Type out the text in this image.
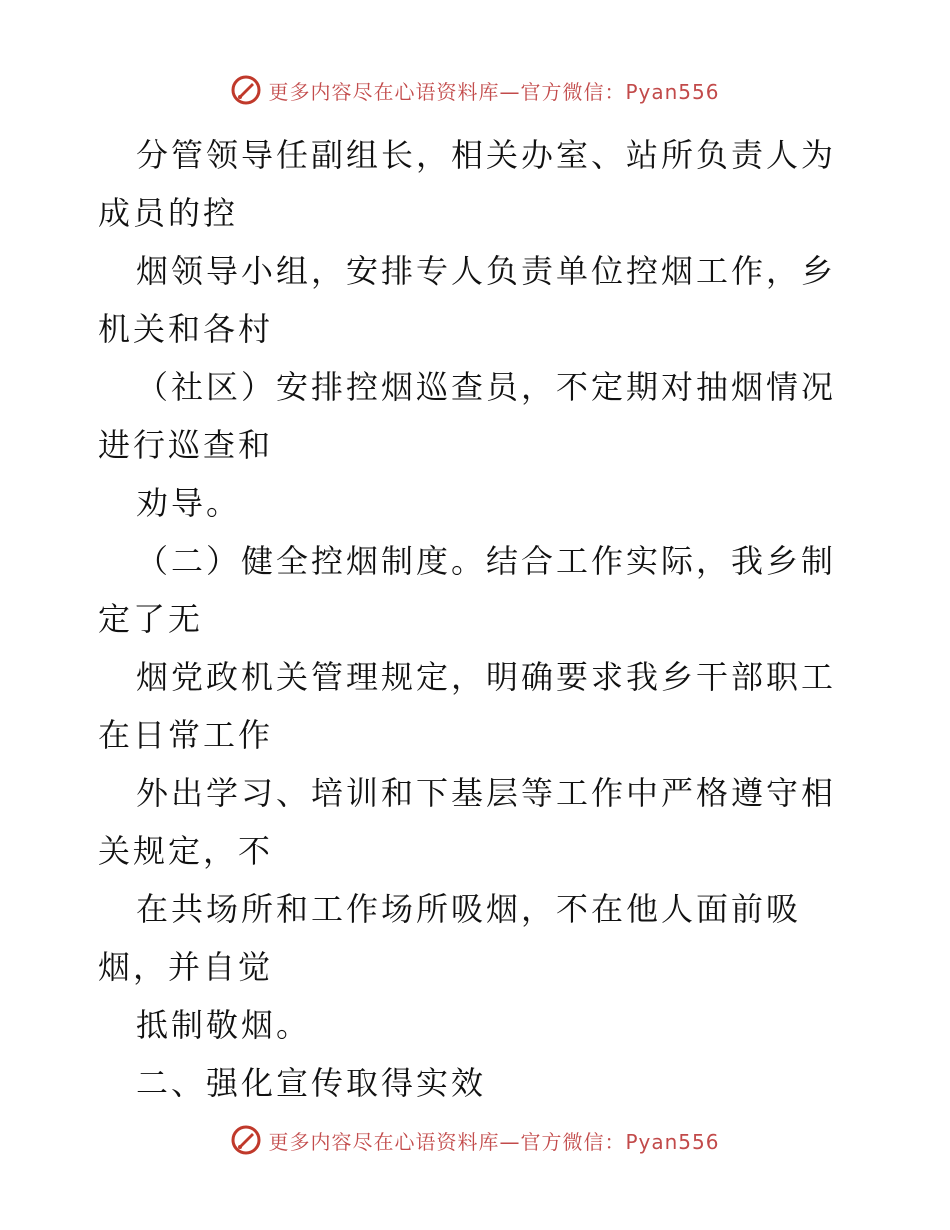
更多内容尽在心语资料库—官方微信：Pyan556

分管领导任副组长，相关办室、站所负责人为成员的控

烟领导小组，安排专人负责单位控烟工作，乡机关和各村

（社区）安排控烟巡查员，不定期对抽烟情况进行巡查和

劝导。

（二）健全控烟制度。结合工作实际，我乡制定了无

烟党政机关管理规定，明确要求我乡干部职工在日常工作

外出学习、培训和下基层等工作中严格遵守相关规定，不

在共场所和工作场所吸烟，不在他人面前吸烟，并自觉

抵制敬烟。

二、强化宣传取得实效

更多内容尽在心语资料库—官方微信：Pyan556
